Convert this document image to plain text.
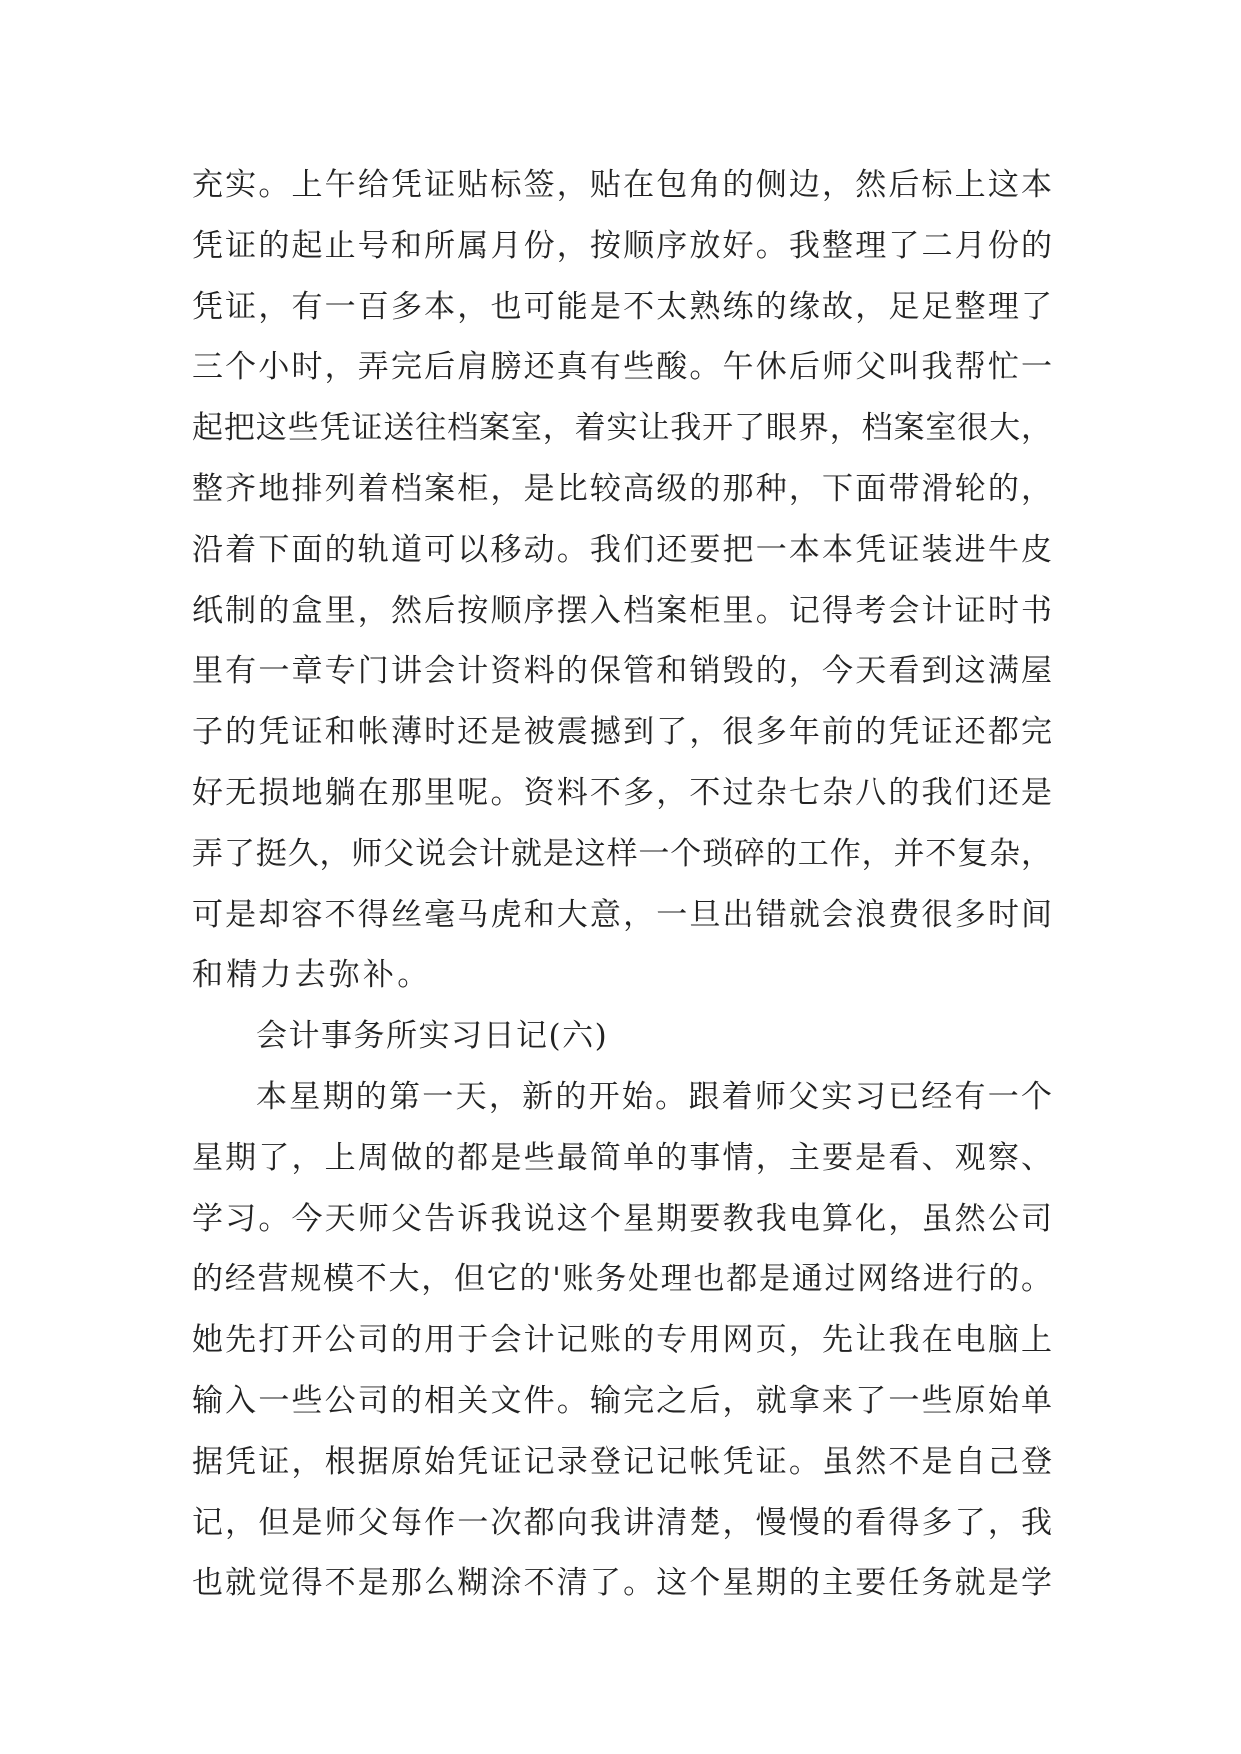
充实。上午给凭证贴标签，贴在包角的侧边，然后标上这本
凭证的起止号和所属月份，按顺序放好。我整理了二月份的
凭证，有一百多本，也可能是不太熟练的缘故，足足整理了
三个小时，弄完后肩膀还真有些酸。午休后师父叫我帮忙一
起把这些凭证送往档案室，着实让我开了眼界，档案室很大，
整齐地排列着档案柜，是比较高级的那种，下面带滑轮的，
沿着下面的轨道可以移动。我们还要把一本本凭证装进牛皮
纸制的盒里，然后按顺序摆入档案柜里。记得考会计证时书
里有一章专门讲会计资料的保管和销毁的，今天看到这满屋
子的凭证和帐薄时还是被震撼到了，很多年前的凭证还都完
好无损地躺在那里呢。资料不多，不过杂七杂八的我们还是
弄了挺久，师父说会计就是这样一个琐碎的工作，并不复杂，
可是却容不得丝毫马虎和大意，一旦出错就会浪费很多时间
和精力去弥补。
会计事务所实习日记(六)
本星期的第一天，新的开始。跟着师父实习已经有一个
星期了，上周做的都是些最简单的事情，主要是看、观察、
学习。今天师父告诉我说这个星期要教我电算化，虽然公司
的经营规模不大，但它的'账务处理也都是通过网络进行的。
她先打开公司的用于会计记账的专用网页，先让我在电脑上
输入一些公司的相关文件。输完之后，就拿来了一些原始单
据凭证，根据原始凭证记录登记记帐凭证。虽然不是自己登
记，但是师父每作一次都向我讲清楚，慢慢的看得多了，我
也就觉得不是那么糊涂不清了。这个星期的主要任务就是学
